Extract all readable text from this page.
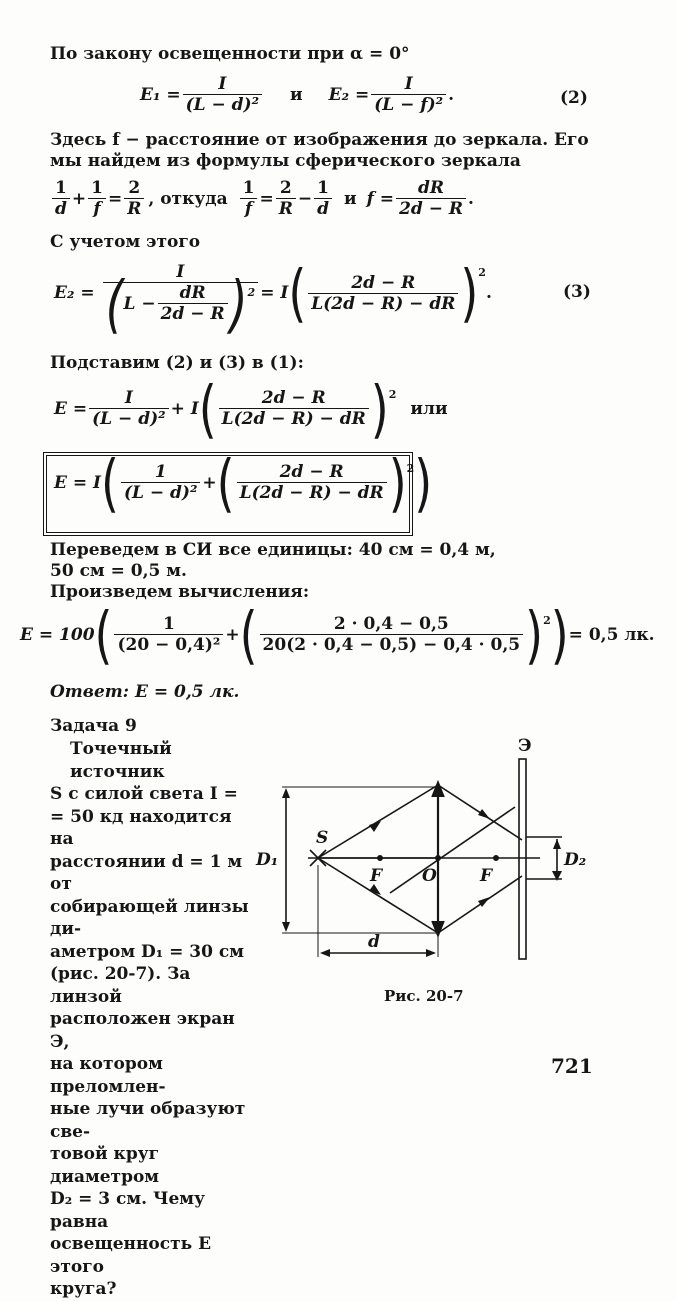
По закону освещенности при α = 0°
$E_1 = \frac{I}{\text{(L − d)²}}$ и $E_2 = \frac{I}{\text{(L − f)²}}$ .	(2)
Здесь f − расстояние от изображения до зеркала. Его
мы найдем из формулы сферического зеркала
$\frac{1}{d} + \frac{1}{f} = \frac{2}{R}$ , откуда $\frac{1}{f} = \frac{2}{R} - \frac{1}{d}$ и $f = \frac{dR}{2d - R}$ .
С учетом этого
$E_2 = \frac{I}{( L - \frac{dR}{2d - R} ) 2} = I$ ( $\frac{2d - R}{L(2d - R) - dR}$ ) 2
.	(3)
Подставим (2) и (3) в (1):
$E = \frac{I}{\text{(L − d)²}} + I$ ( $\frac{2d - R}{L(2d - R) - dR}$ ) 2
или
E = I ( $\frac{1}{\text{(L − d)²}}$ + ( $\frac{2d - R}{L(2d - R) - dR}$ ) 2 )
Переведем в СИ все единицы: 40 см = 0,4 м,
50 см = 0,5 м.
Произведем вычисления:
E = 100 ( $\frac{1}{\text{(20 − 0,4)²}}$ + ( $\frac{2 \cdot 0,4 - 0,5}{20(2 \cdot 0,4 - 0,5) - 0,4 \cdot 0,5}$ ) 2 ) = 0,5 лк.
Ответ: E = 0,5 лк.
Задача 9
Точечный источник
S с силой света I =
= 50 кд находится на
расстоянии d = 1 м от
собирающей линзы ди-
аметром D₁ = 30 см
(рис. 20-7). За линзой
расположен экран Э,
на котором преломлен-
ные лучи образуют све-
товой круг диаметром
D₂ = 3 см. Чему равна
освещенность E этого
круга?
Э
S
F O	F
D₁	D₂
d
Рис. 20-7
721
